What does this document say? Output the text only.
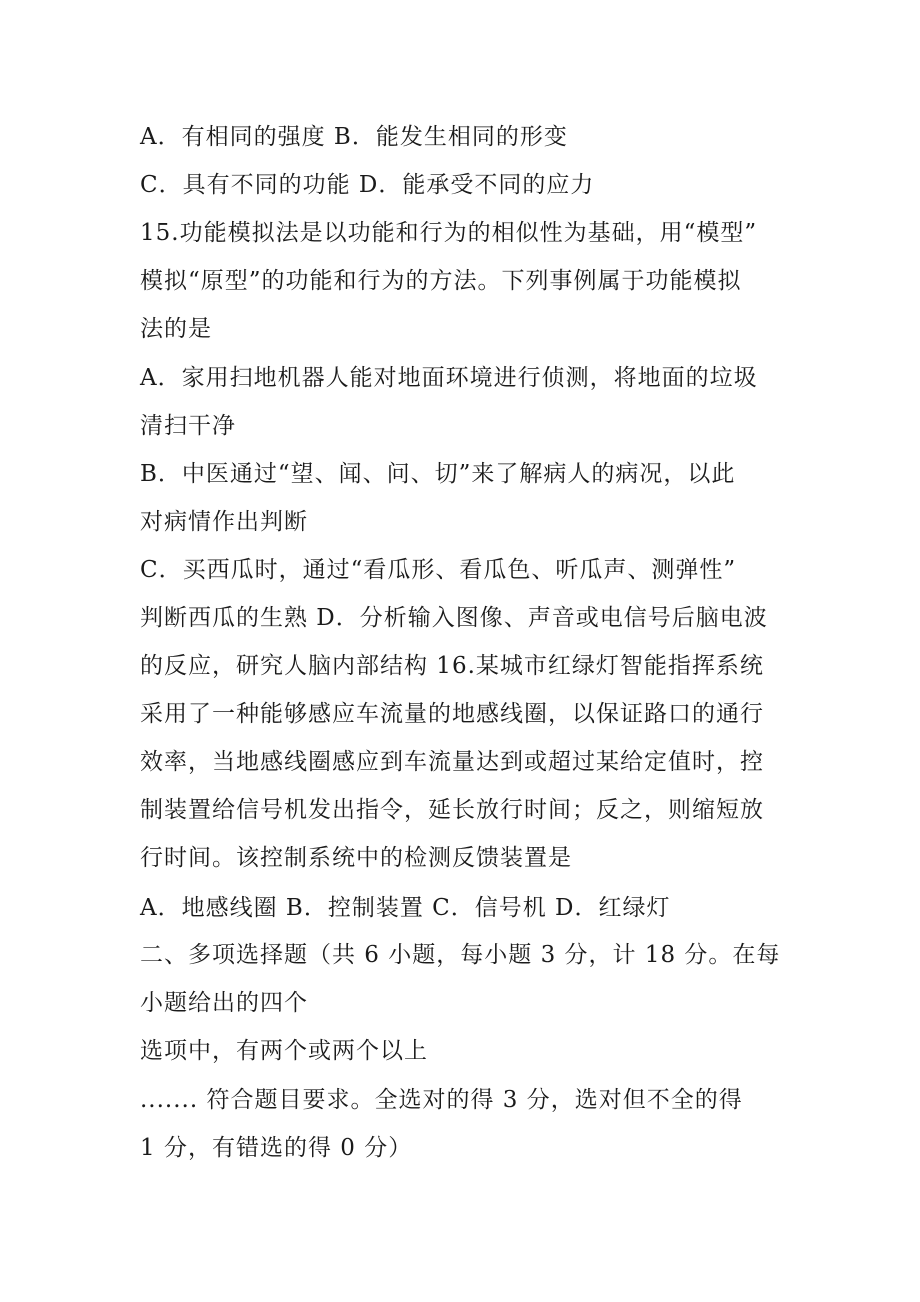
A．有相同的强度 B．能发生相同的形变
C．具有不同的功能 D．能承受不同的应力
15.功能模拟法是以功能和行为的相似性为基础，用“模型”
模拟“原型”的功能和行为的方法。下列事例属于功能模拟
法的是
A．家用扫地机器人能对地面环境进行侦测，将地面的垃圾
清扫干净
B．中医通过“望、闻、问、切”来了解病人的病况，以此
对病情作出判断
C．买西瓜时，通过“看瓜形、看瓜色、听瓜声、测弹性”
判断西瓜的生熟 D．分析输入图像、声音或电信号后脑电波
的反应，研究人脑内部结构 16.某城市红绿灯智能指挥系统
采用了一种能够感应车流量的地感线圈，以保证路口的通行
效率，当地感线圈感应到车流量达到或超过某给定值时，控
制装置给信号机发出指令，延长放行时间；反之，则缩短放
行时间。该控制系统中的检测反馈装置是
A．地感线圈 B．控制装置 C．信号机 D．红绿灯
二、多项选择题（共 6 小题，每小题 3 分，计 18 分。在每
小题给出的四个
选项中，有两个或两个以上
....... 符合题目要求。全选对的得 3 分，选对但不全的得
1 分，有错选的得 0 分）
